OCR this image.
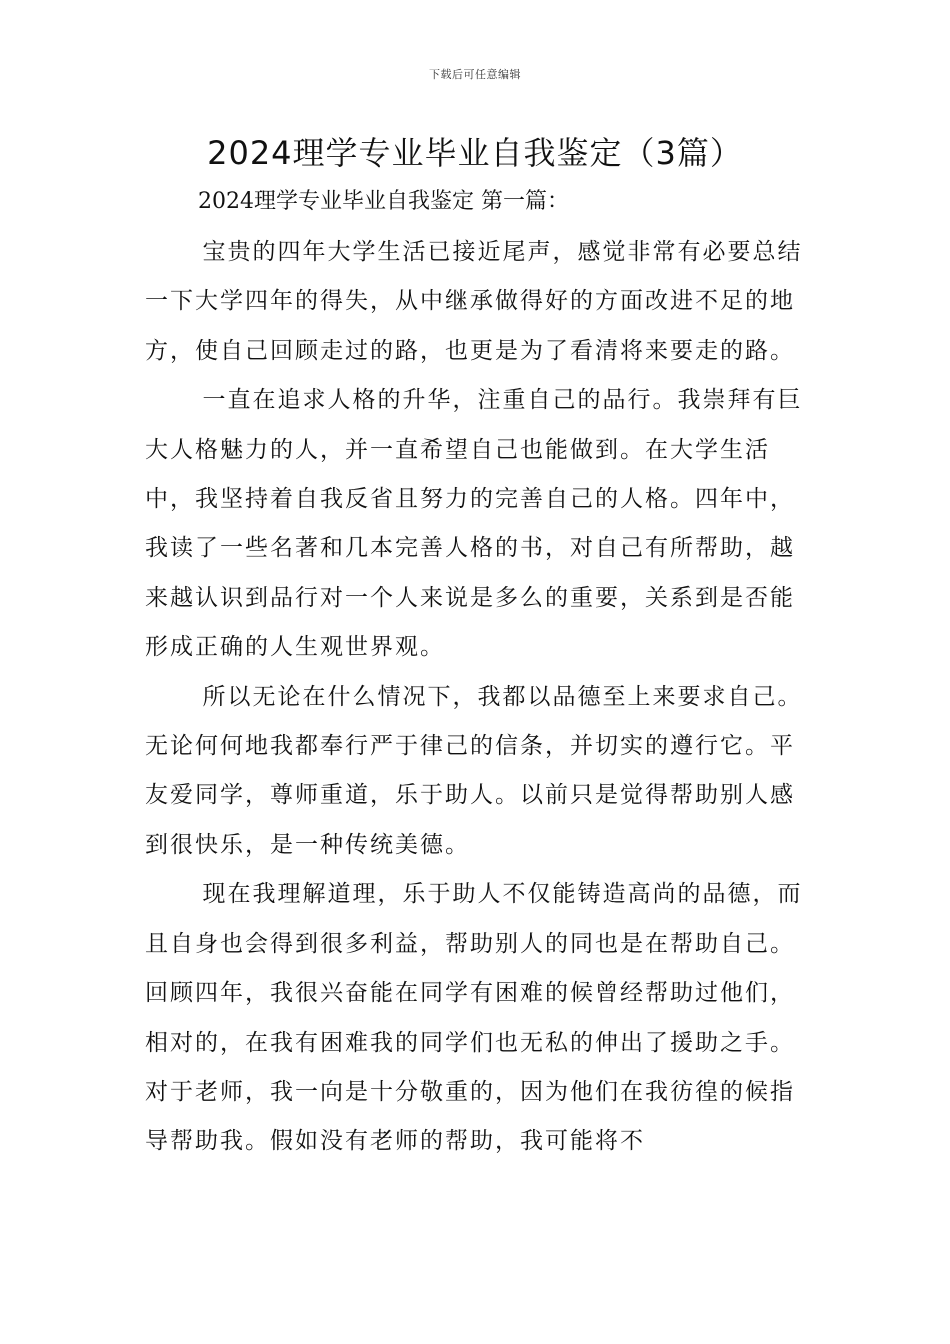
下载后可任意编辑
2024理学专业毕业自我鉴定（3篇）
2024理学专业毕业自我鉴定 第一篇：

宝贵的四年大学生活已接近尾声，感觉非常有必要总结一下大学四年的得失，从中继承做得好的方面改进不足的地方，使自己回顾走过的路，也更是为了看清将来要走的路。

一直在追求人格的升华，注重自己的品行。我崇拜有巨大人格魅力的人，并一直希望自己也能做到。在大学生活中，我坚持着自我反省且努力的完善自己的人格。四年中，我读了一些名著和几本完善人格的书，对自己有所帮助，越来越认识到品行对一个人来说是多么的重要，关系到是否能形成正确的人生观世界观。

所以无论在什么情况下，我都以品德至上来要求自己。无论何何地我都奉行严于律己的信条，并切实的遵行它。平友爱同学，尊师重道，乐于助人。以前只是觉得帮助别人感到很快乐，是一种传统美德。

现在我理解道理，乐于助人不仅能铸造高尚的品德，而且自身也会得到很多利益，帮助别人的同也是在帮助自己。回顾四年，我很兴奋能在同学有困难的候曾经帮助过他们，相对的，在我有困难我的同学们也无私的伸出了援助之手。对于老师，我一向是十分敬重的，因为他们在我彷徨的候指导帮助我。假如没有老师的帮助，我可能将不
